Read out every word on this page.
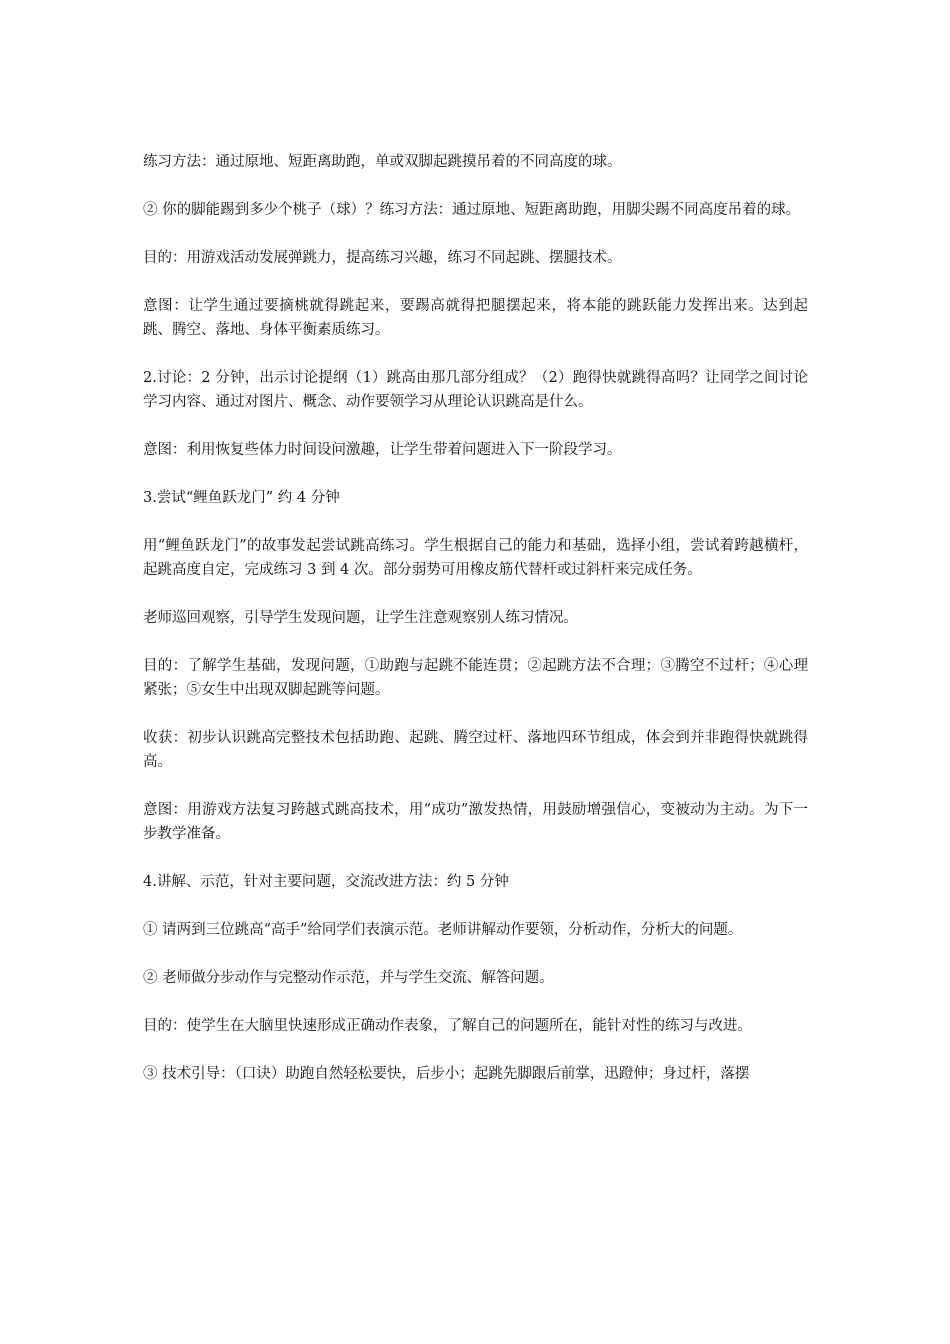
练习方法：通过原地、短距离助跑，单或双脚起跳摸吊着的不同高度的球。

② 你的脚能踢到多少个桃子（球）？练习方法：通过原地、短距离助跑，用脚尖踢不同高度吊着的球。

目的：用游戏活动发展弹跳力，提高练习兴趣，练习不同起跳、摆腿技术。

意图：让学生通过要摘桃就得跳起来，要踢高就得把腿摆起来，将本能的跳跃能力发挥出来。达到起跳、腾空、落地、身体平衡素质练习。

2.讨论：2 分钟，出示讨论提纲（1）跳高由那几部分组成？（2）跑得快就跳得高吗？让同学之间讨论学习内容、通过对图片、概念、动作要领学习从理论认识跳高是什么。

意图：利用恢复些体力时间设问激趣，让学生带着问题进入下一阶段学习。

3.尝试“鲤鱼跃龙门” 约 4 分钟

用“鲤鱼跃龙门”的故事发起尝试跳高练习。学生根据自己的能力和基础，选择小组，尝试着跨越横杆，起跳高度自定，完成练习 3 到 4 次。部分弱势可用橡皮筋代替杆或过斜杆来完成任务。

老师巡回观察，引导学生发现问题，让学生注意观察别人练习情况。

目的：了解学生基础，发现问题，①助跑与起跳不能连贯；②起跳方法不合理；③腾空不过杆；④心理紧张；⑤女生中出现双脚起跳等问题。

收获：初步认识跳高完整技术包括助跑、起跳、腾空过杆、落地四环节组成，体会到并非跑得快就跳得高。

意图：用游戏方法复习跨越式跳高技术，用“成功”激发热情，用鼓励增强信心，变被动为主动。为下一步教学准备。

4.讲解、示范，针对主要问题，交流改进方法：约 5 分钟

① 请两到三位跳高“高手”给同学们表演示范。老师讲解动作要领，分析动作，分析大的问题。

② 老师做分步动作与完整动作示范，并与学生交流、解答问题。

目的：使学生在大脑里快速形成正确动作表象，了解自己的问题所在，能针对性的练习与改进。

③ 技术引导：（口诀）助跑自然轻松要快，后步小；起跳先脚跟后前掌，迅蹬伸；身过杆，落摆
